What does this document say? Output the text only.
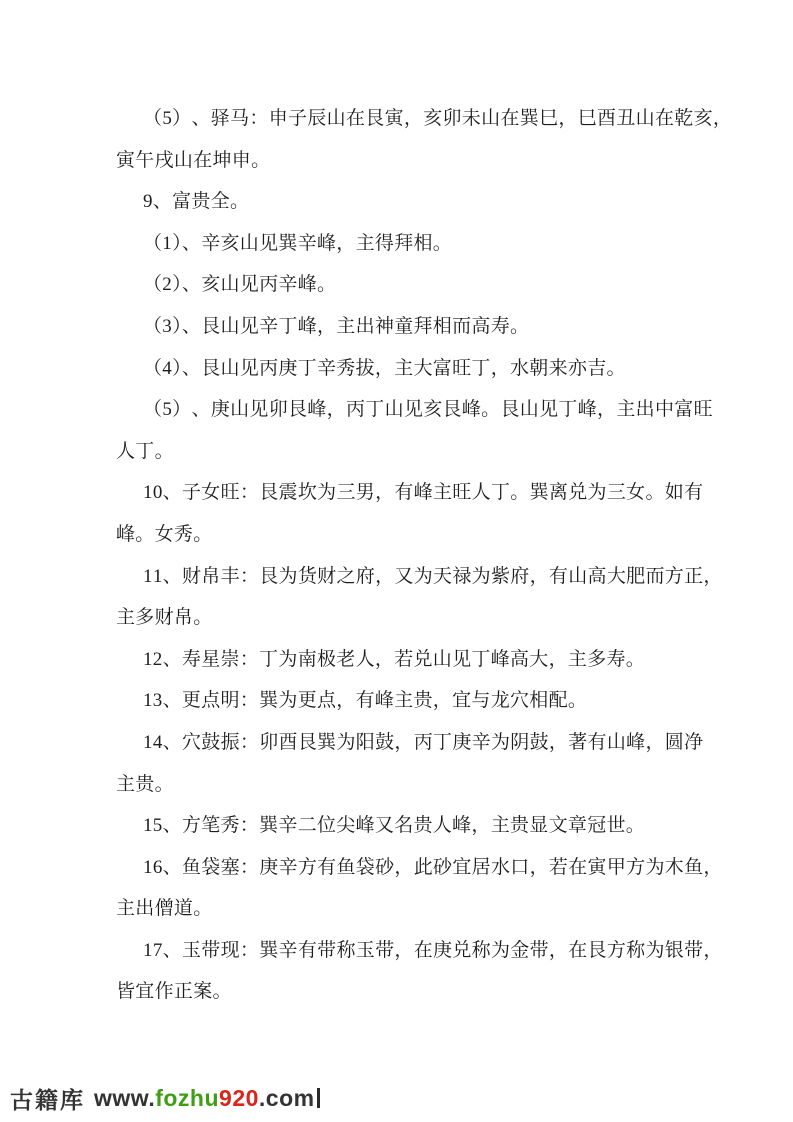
（ 5 ） 、 驿 马 ： 申 子 辰 山 在 艮 寅 ， 亥 卯 未 山 在 巽 巳 ， 巳 酉 丑 山 在 乾 亥 ，
寅午戌山在坤申。
9、富贵全。
（1）、辛亥山见巽辛峰，主得拜相。
（2）、亥山见丙辛峰。
（3）、艮山见辛丁峰，主出神童拜相而高寿。
（4）、艮山见丙庚丁辛秀拔，主大富旺丁，水朝来亦吉。
（ 5 ） 、 庚 山 见 卯 艮 峰 ， 丙 丁 山 见 亥 艮 峰 。 艮 山 见 丁 峰 ， 主 出 中 富 旺
人丁。
1 0 、 子 女 旺 ： 艮 震 坎 为 三 男 ， 有 峰 主 旺 人 丁 。 巽 离 兑 为 三 女 。 如 有
峰。女秀。
1 1 、 财 帛 丰 ： 艮 为 货 财 之 府 ， 又 为 天 禄 为 紫 府 ， 有 山 高 大 肥 而 方 正 ，
主多财帛。
12、寿星崇：丁为南极老人，若兑山见丁峰高大，主多寿。
13、更点明：巽为更点，有峰主贵，宜与龙穴相配。
1 4 、 穴 鼓 振 ： 卯 酉 艮 巽 为 阳 鼓 ， 丙 丁 庚 辛 为 阴 鼓 ， 著 有 山 峰 ， 圆 净
主贵。
15、方笔秀：巽辛二位尖峰又名贵人峰，主贵显文章冠世。
1 6 、 鱼 袋 塞 ： 庚 辛 方 有 鱼 袋 砂 ， 此 砂 宜 居 水 口 ， 若 在 寅 甲 方 为 木 鱼 ，
主出僧道。
1 7 、 玉 带 现 ： 巽 辛 有 带 称 玉 带 ， 在 庚 兑 称 为 金 带 ， 在 艮 方 称 为 银 带 ，
皆宜作正案。
古籍库 www.fozhu920.com
